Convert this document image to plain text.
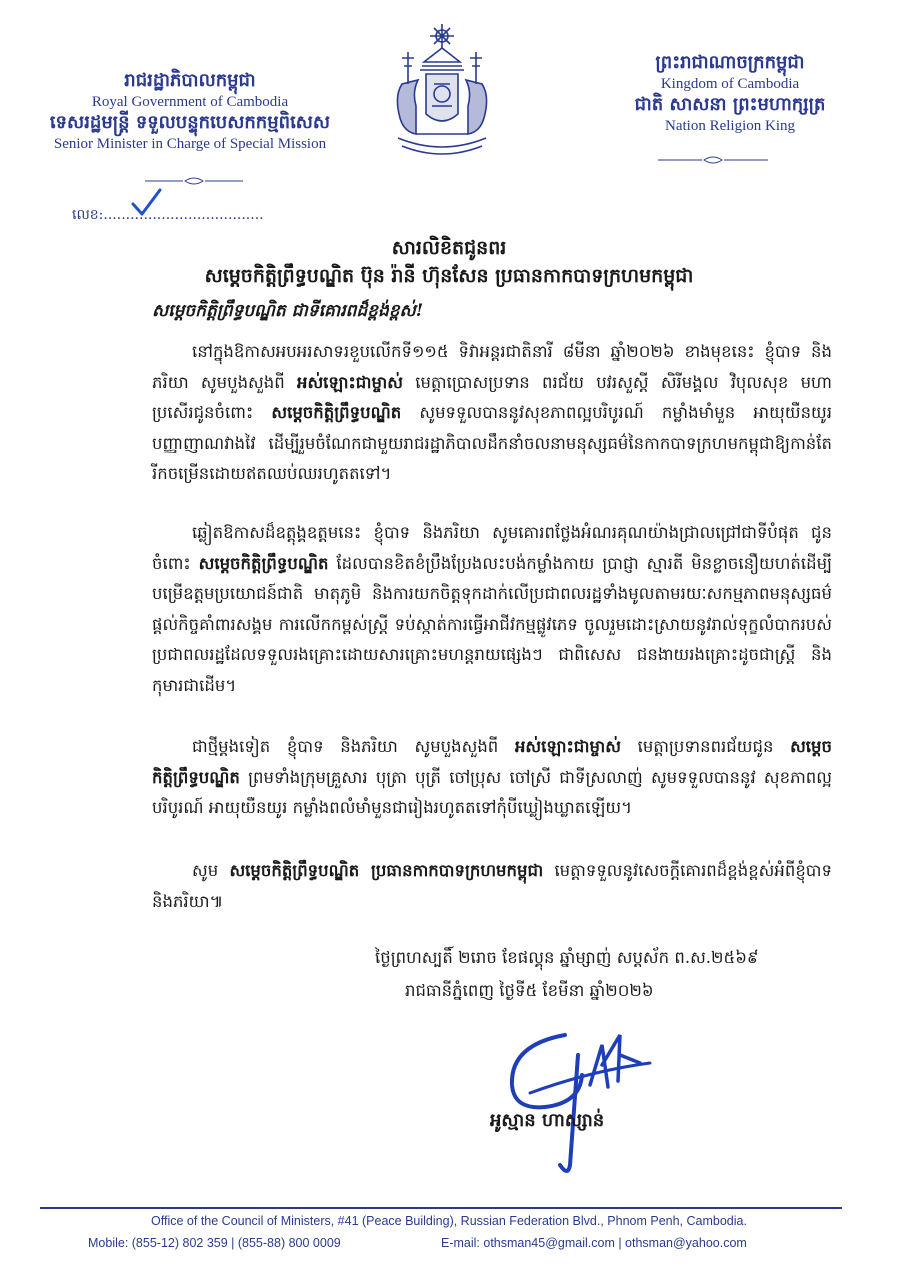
រាជរដ្ឋាភិបាលកម្ពុជា
Royal Government of Cambodia
ទេសរដ្ឋមន្ត្រី ទទួលបន្ទុកបេសកកម្មពិសេស
Senior Minister in Charge of Special Mission
ព្រះរាជាណាចក្រកម្ពុជា
Kingdom of Cambodia
ជាតិ សាសនា ព្រះមហាក្សត្រ
Nation Religion King
លេខ:....................................
សារលិខិតជូនពរ
សម្តេចកិត្តិព្រឹទ្ធបណ្ឌិត ប៊ុន រ៉ានី ហ៊ុនសែន ប្រធានកាកបាទក្រហមកម្ពុជា
សម្តេចកិត្តិព្រឹទ្ធបណ្ឌិត ជាទីគោរពដ៏ខ្ពង់ខ្ពស់!
នៅក្នុងឱកាសអបអរសាទរខួបលើកទី១១៥ ទិវាអន្តរជាតិនារី ៨មីនា ឆ្នាំ២០២៦ ខាងមុខនេះ ខ្ញុំបាទ និងភរិយា សូមបួងសួងពី អស់ឡោះជាម្ចាស់ មេត្តាប្រោសប្រទាន ពរជ័យ បវរសួស្តី សិរីមង្គល វិបុលសុខ មហាប្រសើរជូនចំពោះ សម្តេចកិត្តិព្រឹទ្ធបណ្ឌិត សូមទទួលបាននូវសុខភាពល្អបរិបូរណ៍ កម្លាំងមាំមួន អាយុយឺនយូរ បញ្ញាញាណវាងវៃ ដើម្បីរួមចំណែកជាមួយរាជរដ្ឋាភិបាលដឹកនាំចលនាមនុស្សធម៌នៃកាកបាទក្រហមកម្ពុជាឱ្យកាន់តែរីកចម្រើនដោយឥតឈប់ឈរហូតតទៅ។
ឆ្លៀតឱកាសដ៏ឧត្តុង្គឧត្តមនេះ ខ្ញុំបាទ និងភរិយា សូមគោរពថ្លែងអំណរគុណយ៉ាងជ្រាលជ្រៅជាទីបំផុត ជូនចំពោះ សម្តេចកិត្តិព្រឹទ្ធបណ្ឌិត ដែលបានខិតខំប្រឹងប្រែងលះបង់កម្លាំងកាយ ប្រាជ្ញា ស្មារតី មិនខ្លាចនឿយហត់ដើម្បីបម្រើឧត្តមប្រយោជន៍ជាតិ មាតុភូមិ និងការយកចិត្តទុកដាក់លើប្រជាពលរដ្ឋទាំងមូលតាមរយៈសកម្មភាពមនុស្សធម៌ ផ្តល់កិច្ចគាំពារសង្គម ការលើកកម្ពស់ស្ត្រី ទប់ស្កាត់ការធ្វើអាជីវកម្មផ្លូវភេទ ចូលរួមដោះស្រាយនូវរាល់ទុក្ខលំបាករបស់ប្រជាពលរដ្ឋដែលទទួលរងគ្រោះដោយសារគ្រោះមហន្តរាយផ្សេងៗ ជាពិសេស ជនងាយរងគ្រោះដូចជាស្ត្រី និងកុមារជាដើម។
ជាថ្មីម្តងទៀត ខ្ញុំបាទ និងភរិយា សូមបួងសួងពី អស់ឡោះជាម្ចាស់ មេត្តាប្រទានពរជ័យជូន សម្តេចកិត្តិព្រឹទ្ធបណ្ឌិត ព្រមទាំងក្រុមគ្រួសារ បុត្រា បុត្រី ចៅប្រុស ចៅស្រី ជាទីស្រលាញ់ សូមទទួលបាននូវ សុខភាពល្អបរិបូរណ៍ អាយុយឺនយូរ កម្លាំងពលំមាំមួនជារៀងរហូតតទៅកុំបីឃ្លៀងឃ្លាតឡើយ។
សូម សម្តេចកិត្តិព្រឹទ្ធបណ្ឌិត ប្រធានកាកបាទក្រហមកម្ពុជា មេត្តាទទួលនូវសេចក្តីគោរពដ៏ខ្ពង់ខ្ពស់អំពីខ្ញុំបាទ និងភរិយា៕
ថ្ងៃព្រហស្បតិ៍ ២រោច ខែផល្គុន ឆ្នាំម្សាញ់ សប្តស័ក ព.ស.២៥៦៩
រាជធានីភ្នំពេញ ថ្ងៃទី៥ ខែមីនា ឆ្នាំ២០២៦
អូស្មាន ហាស្សាន់
Office of the Council of Ministers, #41 (Peace Building), Russian Federation Blvd., Phnom Penh, Cambodia.
Mobile: (855-12) 802 359 | (855-88) 800 0009	E-mail: othsman45@gmail.com | othsman@yahoo.com
